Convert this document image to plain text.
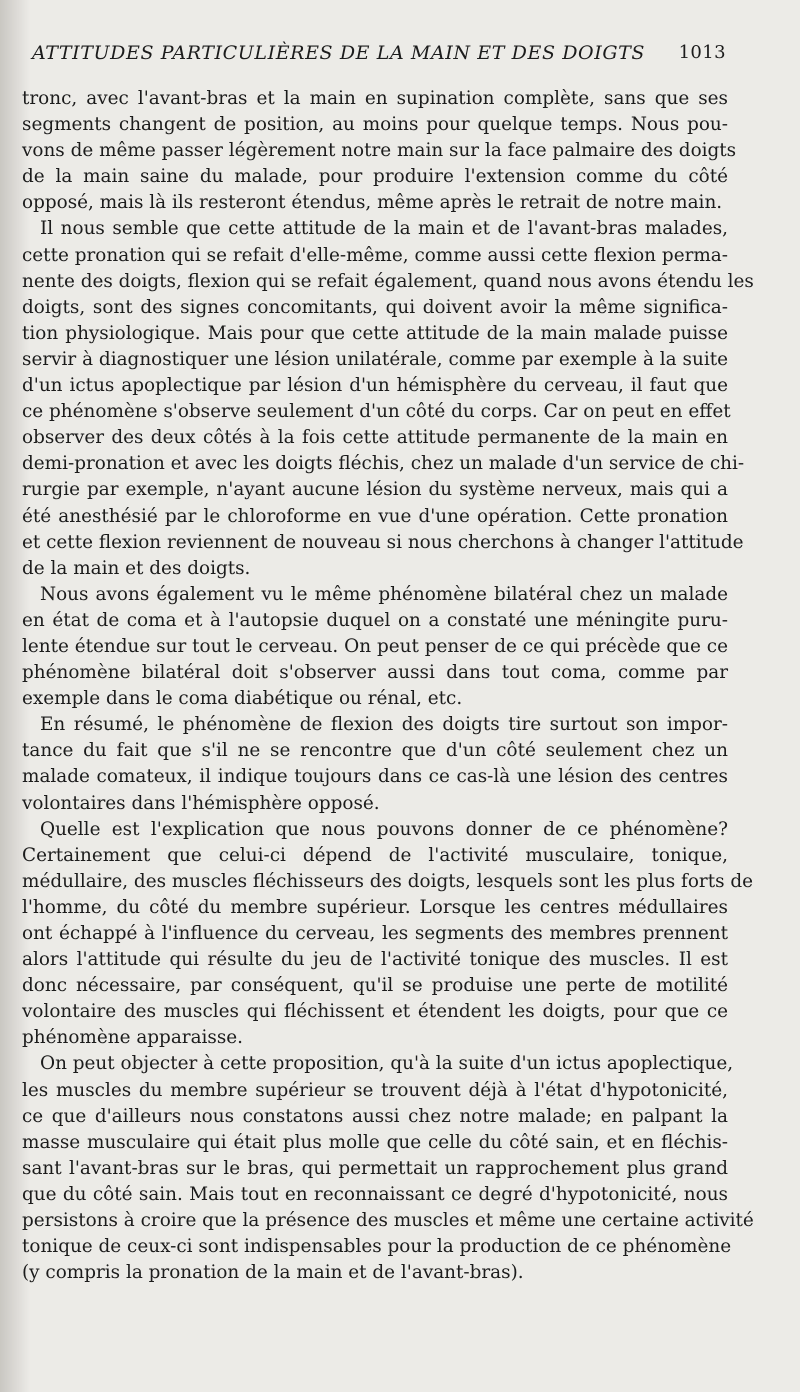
ATTITUDES PARTICULIÈRES DE LA MAIN ET DES DOIGTS 1013
tronc, avec l'avant-bras et la main en supination complète, sans que ses
segments changent de position, au moins pour quelque temps. Nous pou-
vons de même passer légèrement notre main sur la face palmaire des doigts
de la main saine du malade, pour produire l'extension comme du côté
opposé, mais là ils resteront étendus, même après le retrait de notre main.
Il nous semble que cette attitude de la main et de l'avant-bras malades,
cette pronation qui se refait d'elle-même, comme aussi cette flexion perma-
nente des doigts, flexion qui se refait également, quand nous avons étendu les
doigts, sont des signes concomitants, qui doivent avoir la même significa-
tion physiologique. Mais pour que cette attitude de la main malade puisse
servir à diagnostiquer une lésion unilatérale, comme par exemple à la suite
d'un ictus apoplectique par lésion d'un hémisphère du cerveau, il faut que
ce phénomène s'observe seulement d'un côté du corps. Car on peut en effet
observer des deux côtés à la fois cette attitude permanente de la main en
demi-pronation et avec les doigts fléchis, chez un malade d'un service de chi-
rurgie par exemple, n'ayant aucune lésion du système nerveux, mais qui a
été anesthésié par le chloroforme en vue d'une opération. Cette pronation
et cette flexion reviennent de nouveau si nous cherchons à changer l'attitude
de la main et des doigts.
Nous avons également vu le même phénomène bilatéral chez un malade
en état de coma et à l'autopsie duquel on a constaté une méningite puru-
lente étendue sur tout le cerveau. On peut penser de ce qui précède que ce
phénomène bilatéral doit s'observer aussi dans tout coma, comme par
exemple dans le coma diabétique ou rénal, etc.
En résumé, le phénomène de flexion des doigts tire surtout son impor-
tance du fait que s'il ne se rencontre que d'un côté seulement chez un
malade comateux, il indique toujours dans ce cas-là une lésion des centres
volontaires dans l'hémisphère opposé.
Quelle est l'explication que nous pouvons donner de ce phénomène?
Certainement que celui-ci dépend de l'activité musculaire, tonique,
médullaire, des muscles fléchisseurs des doigts, lesquels sont les plus forts de
l'homme, du côté du membre supérieur. Lorsque les centres médullaires
ont échappé à l'influence du cerveau, les segments des membres prennent
alors l'attitude qui résulte du jeu de l'activité tonique des muscles. Il est
donc nécessaire, par conséquent, qu'il se produise une perte de motilité
volontaire des muscles qui fléchissent et étendent les doigts, pour que ce
phénomène apparaisse.
On peut objecter à cette proposition, qu'à la suite d'un ictus apoplectique,
les muscles du membre supérieur se trouvent déjà à l'état d'hypotonicité,
ce que d'ailleurs nous constatons aussi chez notre malade; en palpant la
masse musculaire qui était plus molle que celle du côté sain, et en fléchis-
sant l'avant-bras sur le bras, qui permettait un rapprochement plus grand
que du côté sain. Mais tout en reconnaissant ce degré d'hypotonicité, nous
persistons à croire que la présence des muscles et même une certaine activité
tonique de ceux-ci sont indispensables pour la production de ce phénomène
(y compris la pronation de la main et de l'avant-bras).
